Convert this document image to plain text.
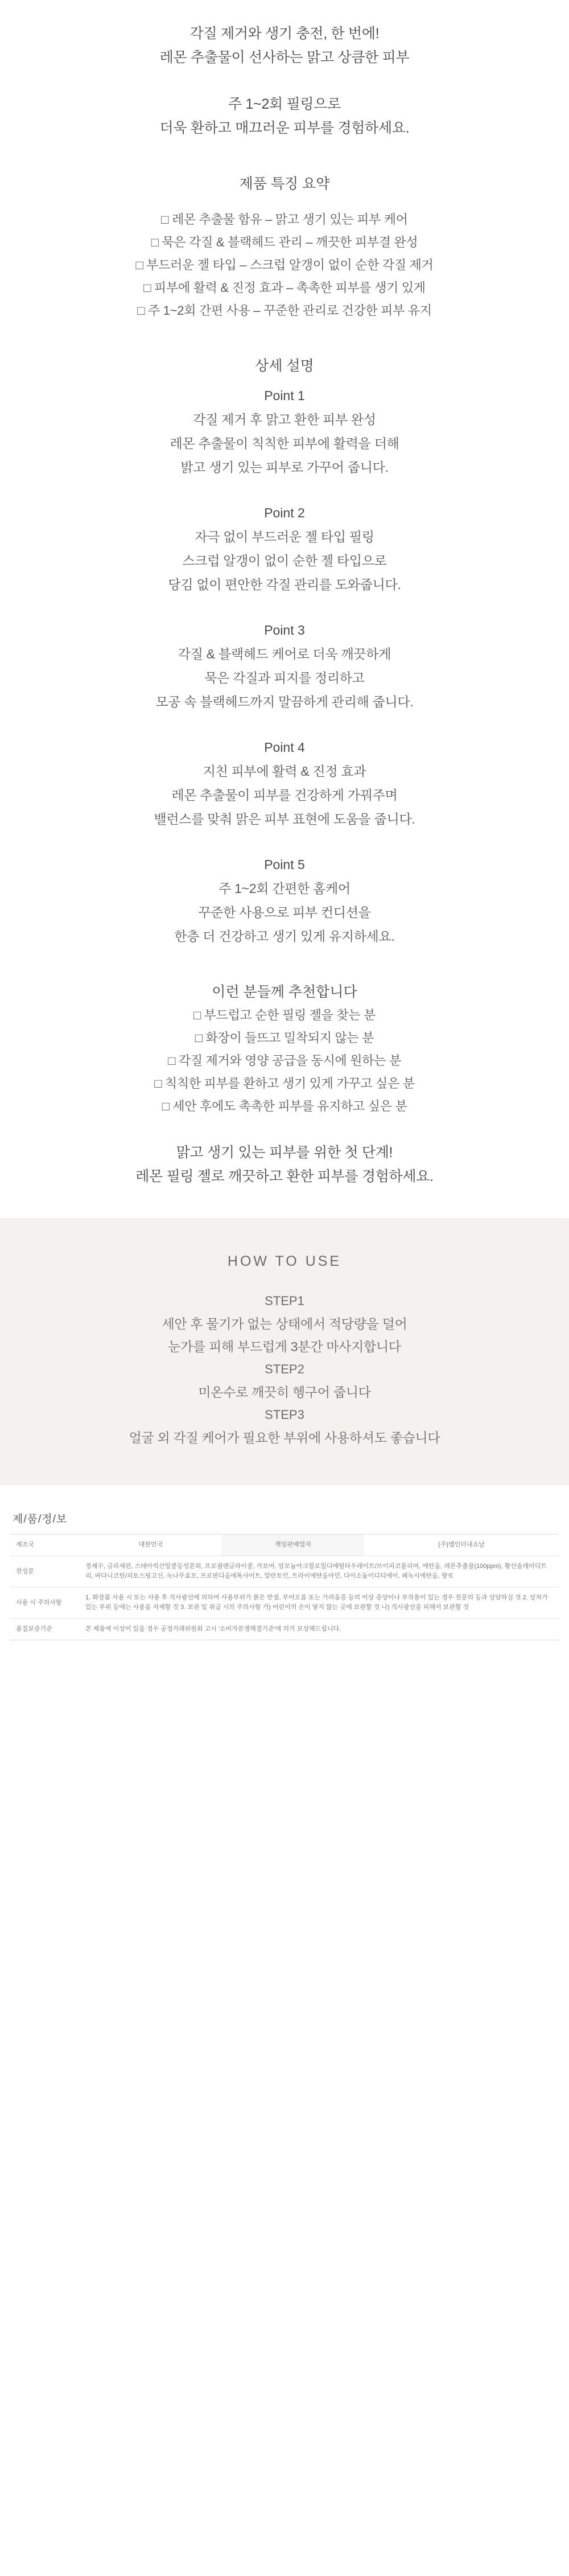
각질 제거와 생기 충전, 한 번에!
레몬 추출물이 선사하는 맑고 상큼한 피부
주 1~2회 필링으로
더욱 환하고 매끄러운 피부를 경험하세요.
제품 특징 요약
□ 레몬 추출물 함유 – 맑고 생기 있는 피부 케어
□ 묵은 각질 & 블랙헤드 관리 – 깨끗한 피부결 완성
□ 부드러운 젤 타입 – 스크럽 알갱이 없이 순한 각질 제거
□ 피부에 활력 & 진정 효과 – 촉촉한 피부를 생기 있게
□ 주 1~2회 간편 사용 – 꾸준한 관리로 건강한 피부 유지
상세 설명
Point 1
각질 제거 후 맑고 환한 피부 완성
레몬 추출물이 칙칙한 피부에 활력을 더해
밝고 생기 있는 피부로 가꾸어 줍니다.
Point 2
자극 없이 부드러운 젤 타입 필링
스크럽 알갱이 없이 순한 젤 타입으로
당김 없이 편안한 각질 관리를 도와줍니다.
Point 3
각질 & 블랙헤드 케어로 더욱 깨끗하게
묵은 각질과 피지를 정리하고
모공 속 블랙헤드까지 말끔하게 관리해 줍니다.
Point 4
지친 피부에 활력 & 진정 효과
레몬 추출물이 피부를 건강하게 가꿔주며
밸런스를 맞춰 맑은 피부 표현에 도움을 줍니다.
Point 5
주 1~2회 간편한 홈케어
꾸준한 사용으로 피부 컨디션을
한층 더 건강하고 생기 있게 유지하세요.
이런 분들께 추천합니다
□ 부드럽고 순한 필링 젤을 찾는 분
□ 화장이 들뜨고 밀착되지 않는 분
□ 각질 제거와 영양 공급을 동시에 원하는 분
□ 칙칙한 피부를 환하고 생기 있게 가꾸고 싶은 분
□ 세안 후에도 촉촉한 피부를 유지하고 싶은 분
맑고 생기 있는 피부를 위한 첫 단계!
레몬 필링 젤로 깨끗하고 환한 피부를 경험하세요.
HOW TO USE
STEP1
세안 후 물기가 없는 상태에서 적당량을 덜어
눈가를 피해 부드럽게 3분간 마사지합니다
STEP2
미온수로 깨끗히 헹구어 줍니다
STEP3
얼굴 외 각질 케어가 필요한 부위에 사용하셔도 좋습니다
제/품/정/보
제조국	대한민국	책임판매업자	(주)엠인터내쇼날
전성분	정제수, 글리세린, 스테아릭산알콜등성분외, 프로필렌글라이콜, 카보머, 암모늄아크릴로일디메틸타우레이트/브이피코폴리머, 에탄올, 레몬추출물(100ppm), 황산솔레미디트리, 바다니코틴/피토스핑고신, 녹나무효모, 프로판디올에톡사이트, 알란토인, 트라이에탄올아민, 다이소듐이디티에이, 페녹시에탄올, 향료		
사용 시 주의사항	1. 화장품 사용 시 또는 사용 후 직사광선에 의하여 사용부위가 붉은 반점, 부어오름 또는 가려움증 등의 이상 증상이나 부작용이 있는 경우 전문의 등과 상담하실 것 2. 상처가 있는 부위 등에는 사용을 자제할 것 3. 보관 및 취급 시의 주의사항 가) 어린이의 손이 닿지 않는 곳에 보관할 것 나) 직사광선을 피해서 보관할 것		
품질보증기준	본 제품에 이상이 있을 경우 공정거래위원회 고시 '소비자분쟁해결기준'에 의거 보상해드립니다.		
